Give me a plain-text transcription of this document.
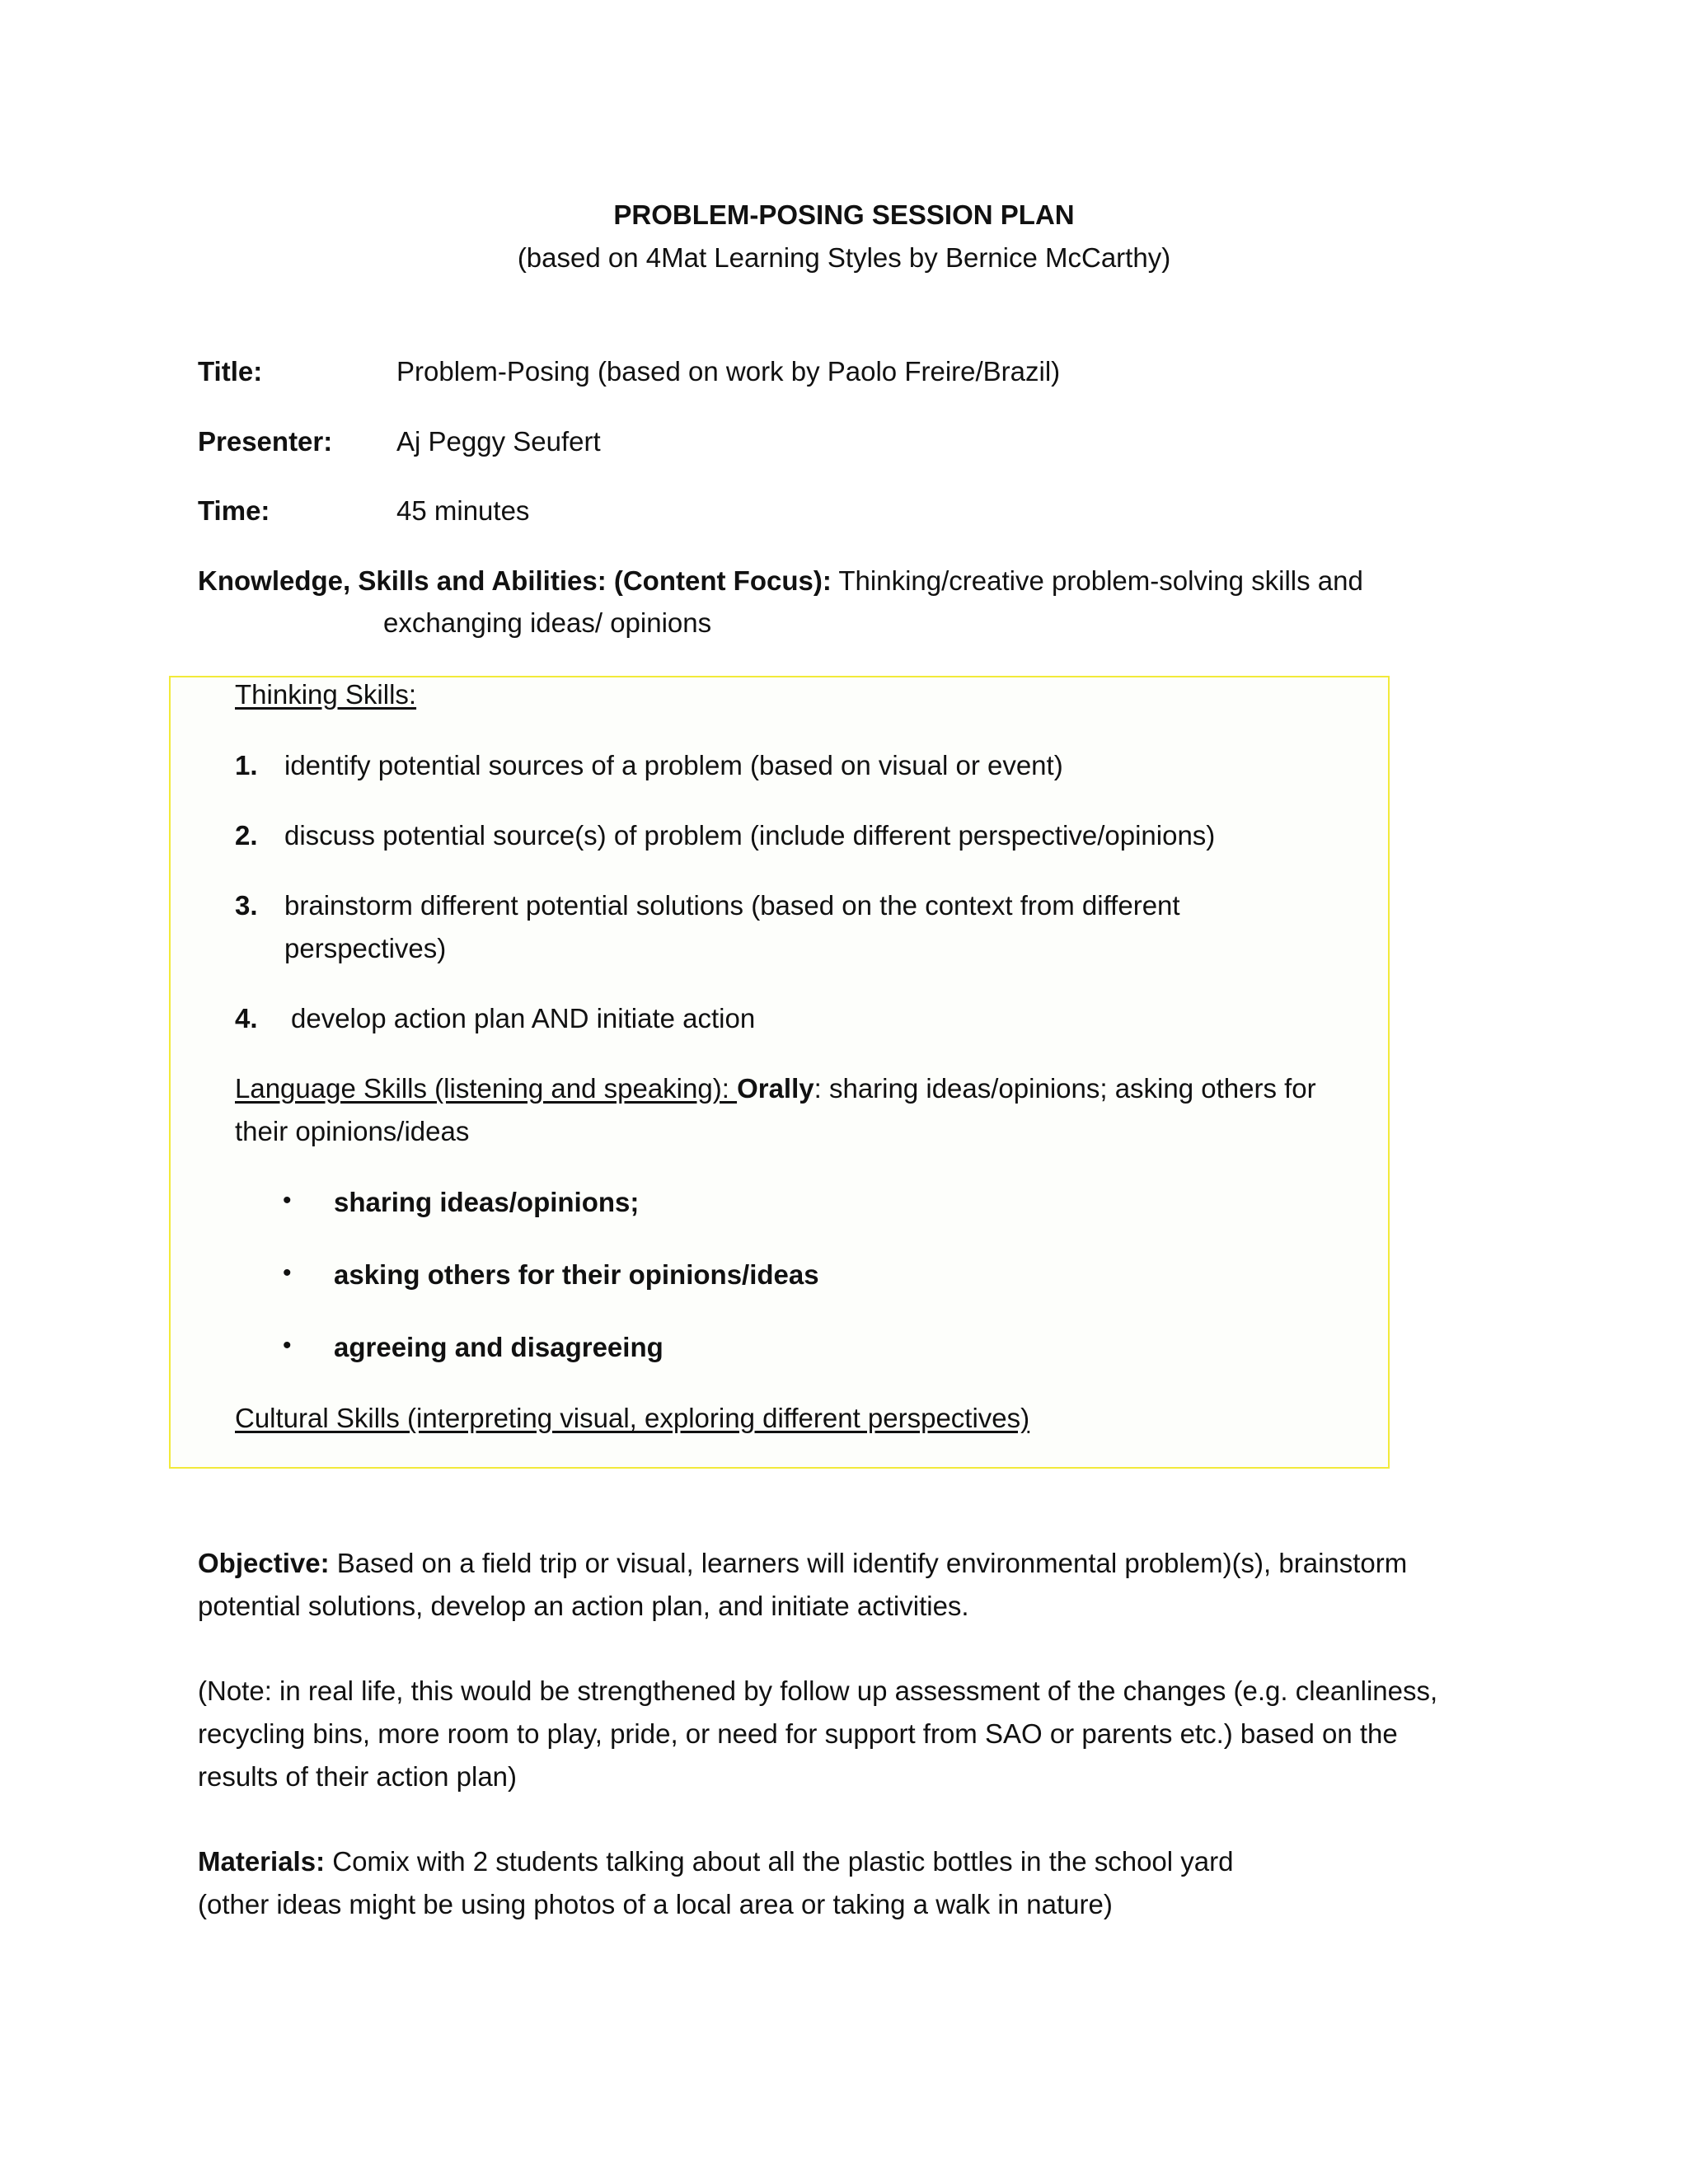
PROBLEM-POSING SESSION PLAN
(based on 4Mat Learning Styles by Bernice McCarthy)
Title:	Problem-Posing (based on work by Paolo Freire/Brazil)
Presenter: Aj Peggy Seufert
Time:	45 minutes
Knowledge, Skills and Abilities: (Content Focus): Thinking/creative problem-solving skills and
exchanging ideas/ opinions
Thinking Skills:
1. identify potential sources of a problem (based on visual or event)
2. discuss potential source(s) of problem (include different perspective/opinions)
3. brainstorm different potential solutions (based on the context from different
perspectives)
4. develop action plan AND initiate action
Language Skills (listening and speaking): Orally: sharing ideas/opinions; asking others for
their opinions/ideas
• sharing ideas/opinions;
• asking others for their opinions/ideas
• agreeing and disagreeing
Cultural Skills (interpreting visual, exploring different perspectives)
Objective: Based on a field trip or visual, learners will identify environmental problem)(s), brainstorm
potential solutions, develop an action plan, and initiate activities.
(Note: in real life, this would be strengthened by follow up assessment of the changes (e.g. cleanliness,
recycling bins, more room to play, pride, or need for support from SAO or parents etc.) based on the
results of their action plan)
Materials: Comix with 2 students talking about all the plastic bottles in the school yard
(other ideas might be using photos of a local area or taking a walk in nature)
